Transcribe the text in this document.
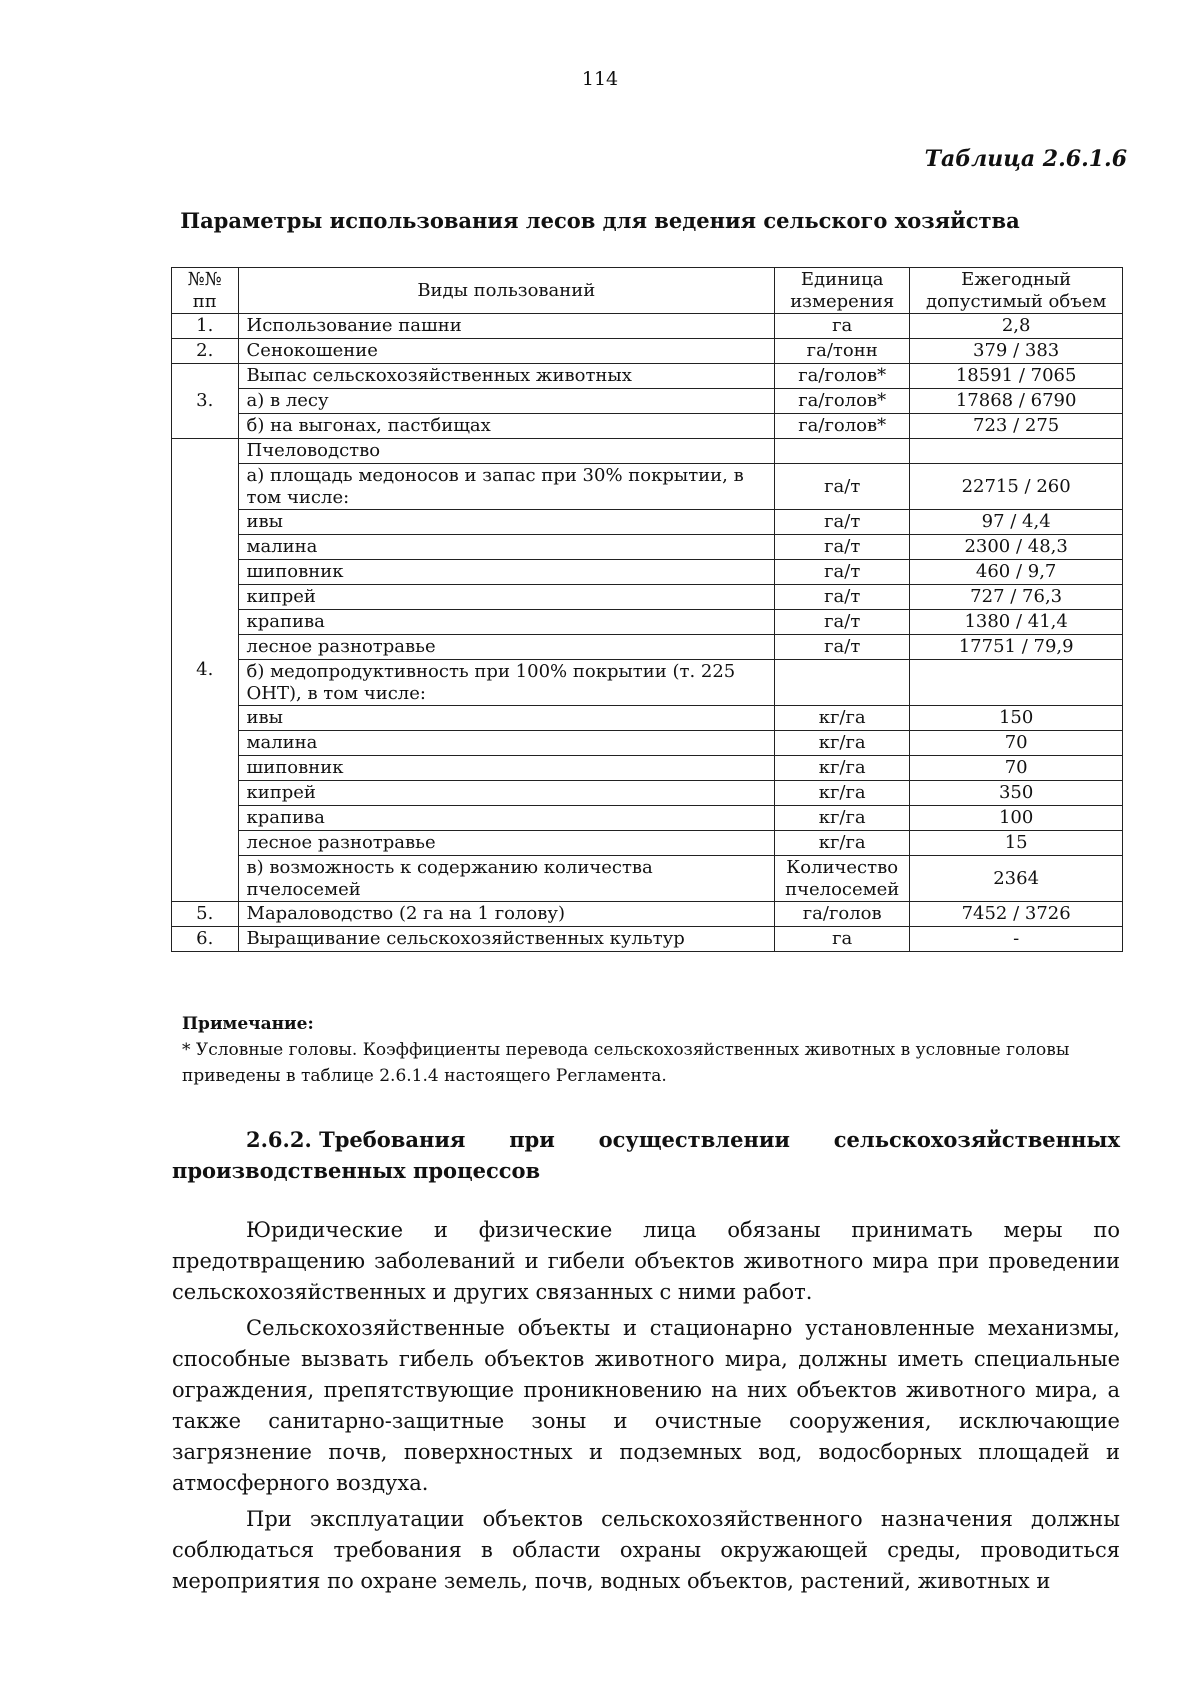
114
Таблица 2.6.1.6
Параметры использования лесов для ведения сельского хозяйства
№№ пп	Виды пользований	Единица измерения	Ежегодный допустимый объем
1.	Использование пашни	га	2,8
2.	Сенокошение	га/тонн	379 / 383
3.	Выпас сельскохозяйственных животных	га/голов*	18591 / 7065
	а) в лесу	га/голов*	17868 / 6790
	б) на выгонах, пастбищах	га/голов*	723 / 275
4.	Пчеловодство		
	а) площадь медоносов и запас при 30% покрытии, в том числе:	га/т	22715 / 260
	ивы	га/т	97 / 4,4
	малина	га/т	2300 / 48,3
	шиповник	га/т	460 / 9,7
	кипрей	га/т	727 / 76,3
	крапива	га/т	1380 / 41,4
	лесное разнотравье	га/т	17751 / 79,9
	б) медопродуктивность при 100% покрытии (т. 225 ОНТ), в том числе:		
	ивы	кг/га	150
	малина	кг/га	70
	шиповник	кг/га	70
	кипрей	кг/га	350
	крапива	кг/га	100
	лесное разнотравье	кг/га	15
	в) возможность к содержанию количества пчелосемей	Количество пчелосемей	2364
5.	Мараловодство (2 га на 1 голову)	га/голов	7452 / 3726
6.	Выращивание сельскохозяйственных культур	га	-
Примечание:
* Условные головы. Коэффициенты перевода сельскохозяйственных животных в условные головы приведены в таблице 2.6.1.4 настоящего Регламента.
2.6.2. Требования при осуществлении сельскохозяйственных
производственных процессов

Юридические и физические лица обязаны принимать меры по предотвращению заболеваний и гибели объектов животного мира при проведении сельскохозяйственных и других связанных с ними работ.

Сельскохозяйственные объекты и стационарно установленные механизмы, способные вызвать гибель объектов животного мира, должны иметь специальные ограждения, препятствующие проникновению на них объектов животного мира, а также санитарно-защитные зоны и очистные сооружения, исключающие загрязнение почв, поверхностных и подземных вод, водосборных площадей и атмосферного воздуха.

При эксплуатации объектов сельскохозяйственного назначения должны соблюдаться требования в области охраны окружающей среды, проводиться мероприятия по охране земель, почв, водных объектов, растений, животных и
